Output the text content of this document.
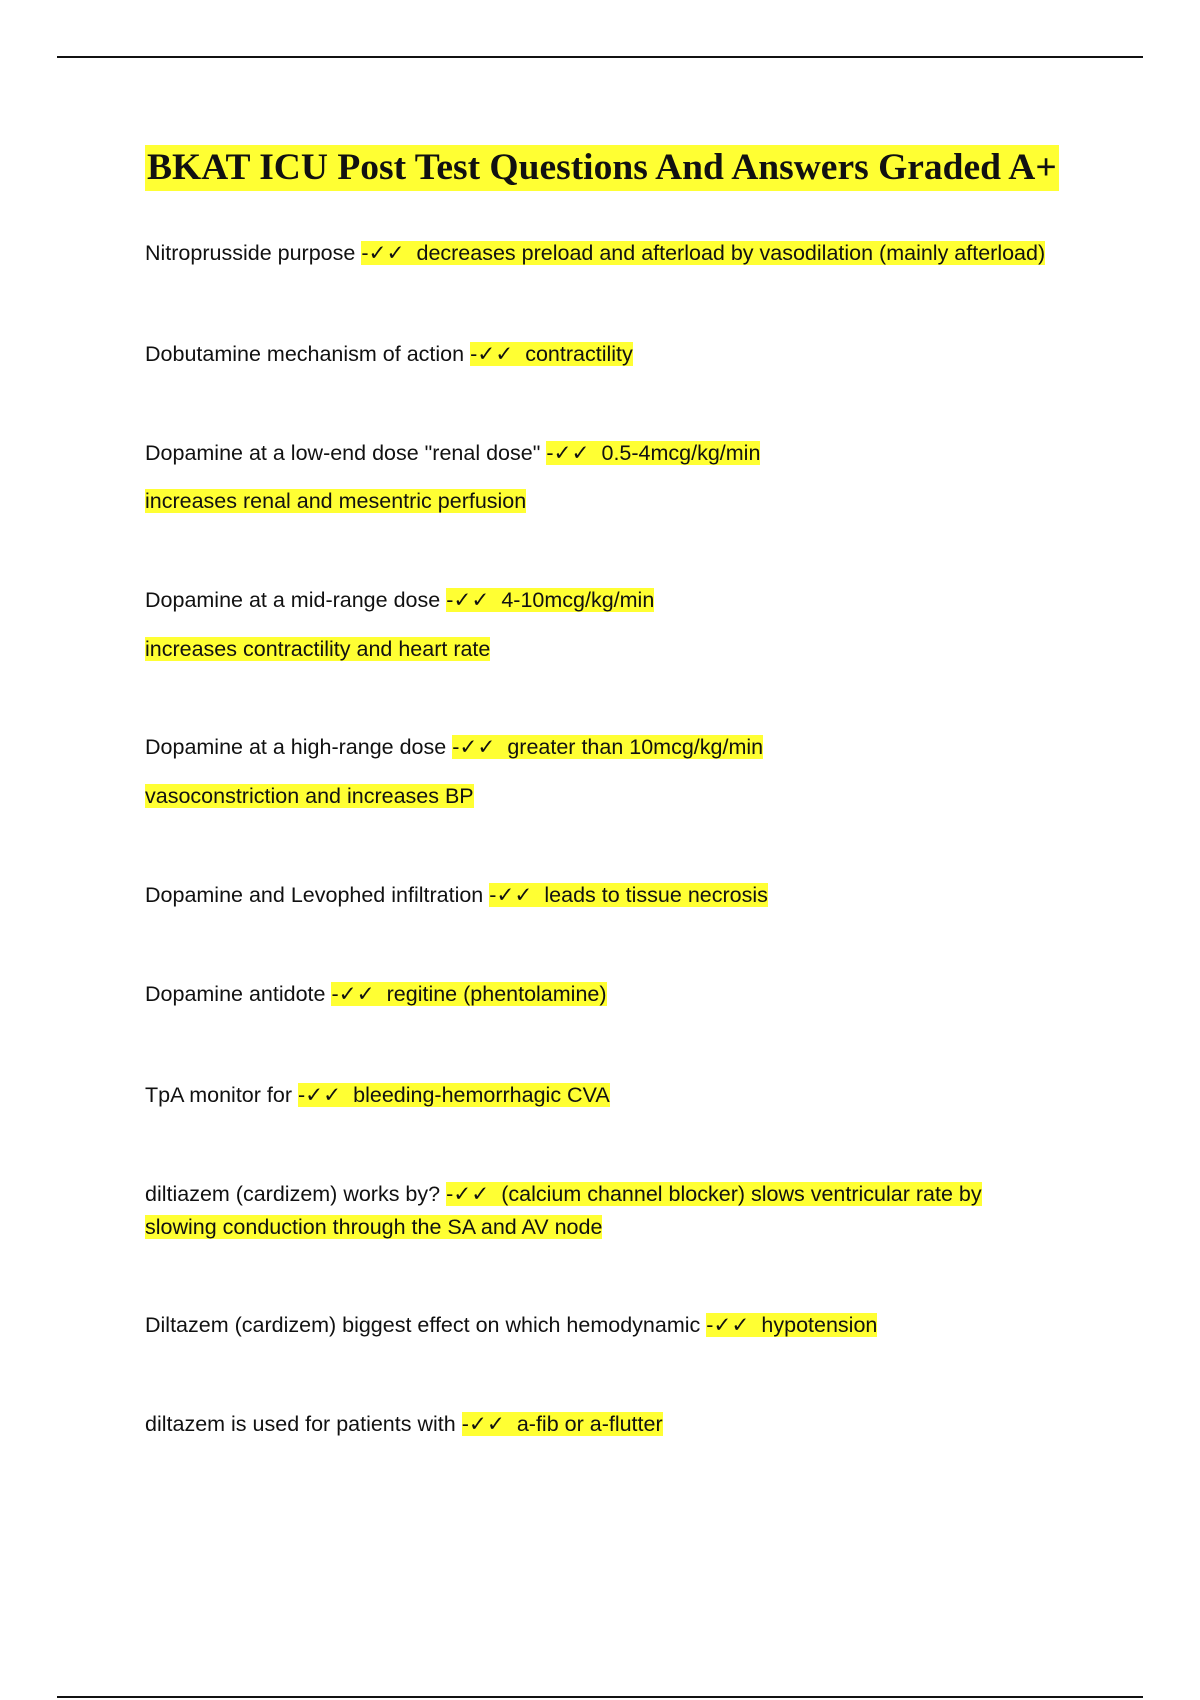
BKAT ICU Post Test Questions And Answers Graded A+
Nitroprusside purpose -✓✓ decreases preload and afterload by vasodilation (mainly afterload)
Dobutamine mechanism of action -✓✓ contractility
Dopamine at a low-end dose "renal dose" -✓✓ 0.5-4mcg/kg/min
increases renal and mesentric perfusion
Dopamine at a mid-range dose -✓✓ 4-10mcg/kg/min
increases contractility and heart rate
Dopamine at a high-range dose -✓✓ greater than 10mcg/kg/min
vasoconstriction and increases BP
Dopamine and Levophed infiltration -✓✓ leads to tissue necrosis
Dopamine antidote -✓✓ regitine (phentolamine)
TpA monitor for -✓✓ bleeding-hemorrhagic CVA
diltiazem (cardizem) works by? -✓✓ (calcium channel blocker) slows ventricular rate by
slowing conduction through the SA and AV node
Diltazem (cardizem) biggest effect on which hemodynamic -✓✓ hypotension
diltazem is used for patients with -✓✓ a-fib or a-flutter
